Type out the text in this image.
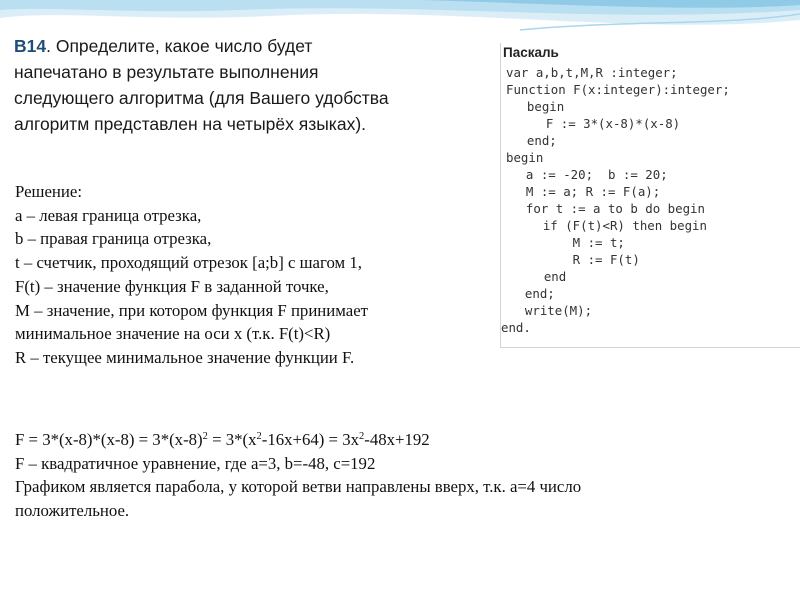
B14. Определите, какое число будет напечатано в результате выполнения следующего алгоритма (для Вашего удобства алгоритм представлен на четырёх языках).
Паскаль
var a,b,t,M,R :integer;
Function F(x:integer):integer;
begin
F := 3*(x-8)*(x-8)
end;
begin
a := -20;  b := 20;
M := a; R := F(a);
for t := a to b do begin
if (F(t)<R) then begin
M := t;
R := F(t)
end
end;
write(M);
end.
Решение:
a – левая граница отрезка,
b – правая граница отрезка,
t – счетчик, проходящий отрезок [a;b] с шагом 1,
F(t) – значение функция F в заданной точке,
M – значение, при котором функция F принимает
минимальное значение на оси x (т.к. F(t)<R)
R – текущее минимальное значение функции F.
$F = 3*(x-8)*(x-8) = 3*(x-8)^2 = 3*(x^2-16x+64) = 3x^2-48x+192$
F – квадратичное уравнение, где a=3, b=-48, c=192
Графиком является парабола, у которой ветви направлены вверх, т.к. a=4 число
положительное.
